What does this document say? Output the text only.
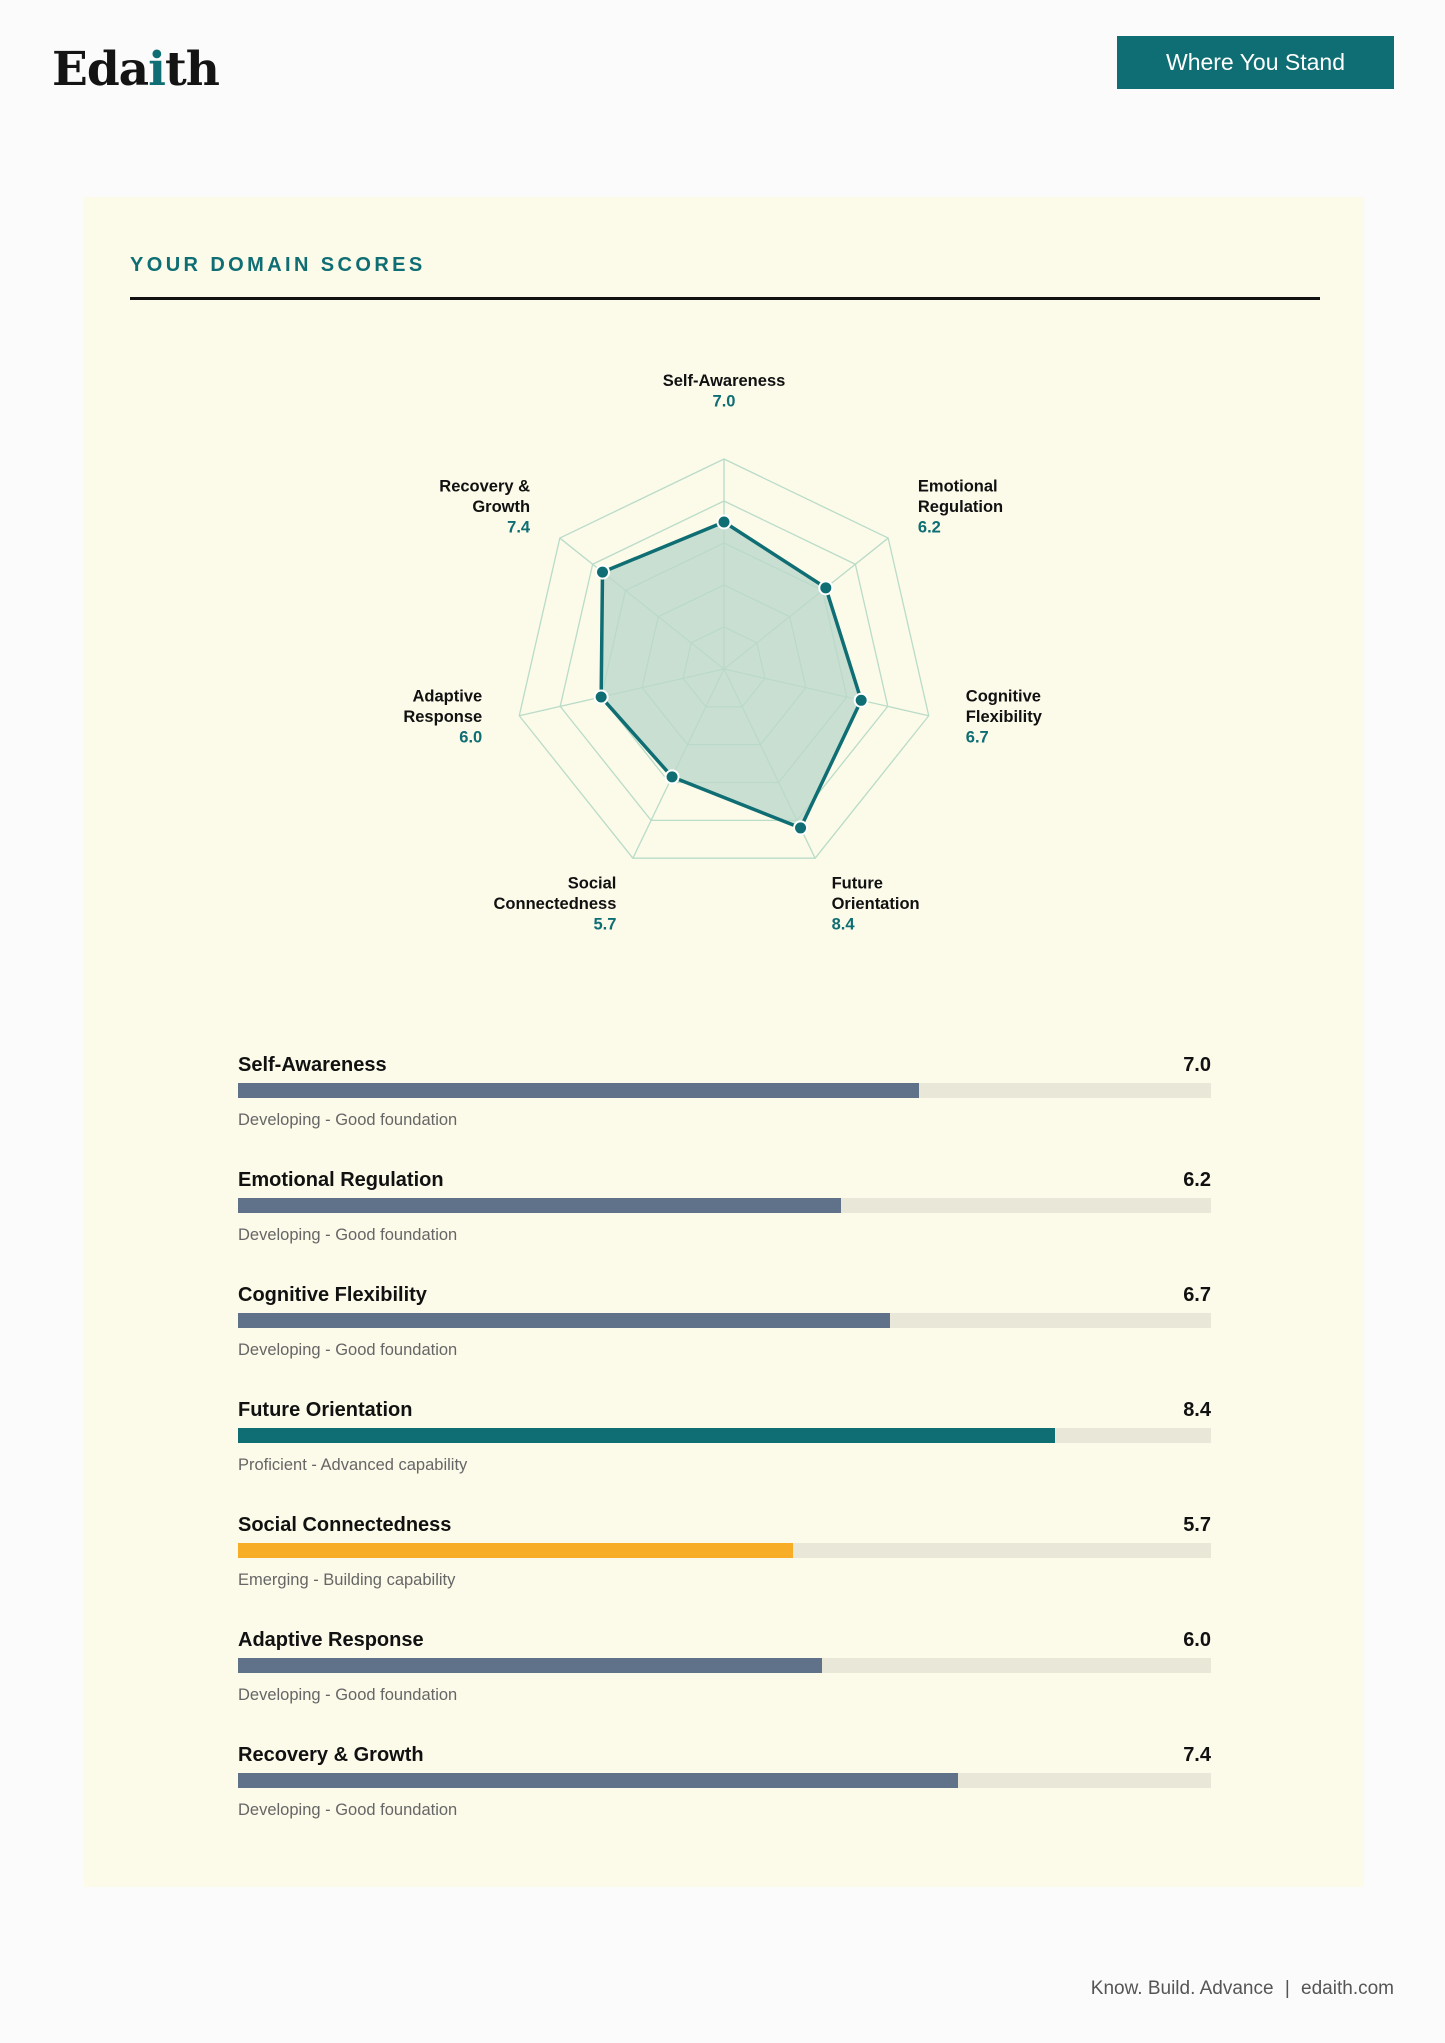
Edaith	Where You Stand
YOUR DOMAIN SCORES
Self-Awareness
7.0
Emotional
Regulation
6.2
Cognitive
Flexibility
6.7
Future
Orientation
8.4
Social
Connectedness
5.7
Adaptive
Response
6.0
Recovery &
Growth
7.4
Self-Awareness	7.0
Developing - Good foundation
Emotional Regulation	6.2
Developing - Good foundation
Cognitive Flexibility	6.7
Developing - Good foundation
Future Orientation	8.4
Proficient - Advanced capability
Social Connectedness	5.7
Emerging - Building capability
Adaptive Response	6.0
Developing - Good foundation
Recovery & Growth	7.4
Developing - Good foundation
Know. Build. Advance | edaith.com
